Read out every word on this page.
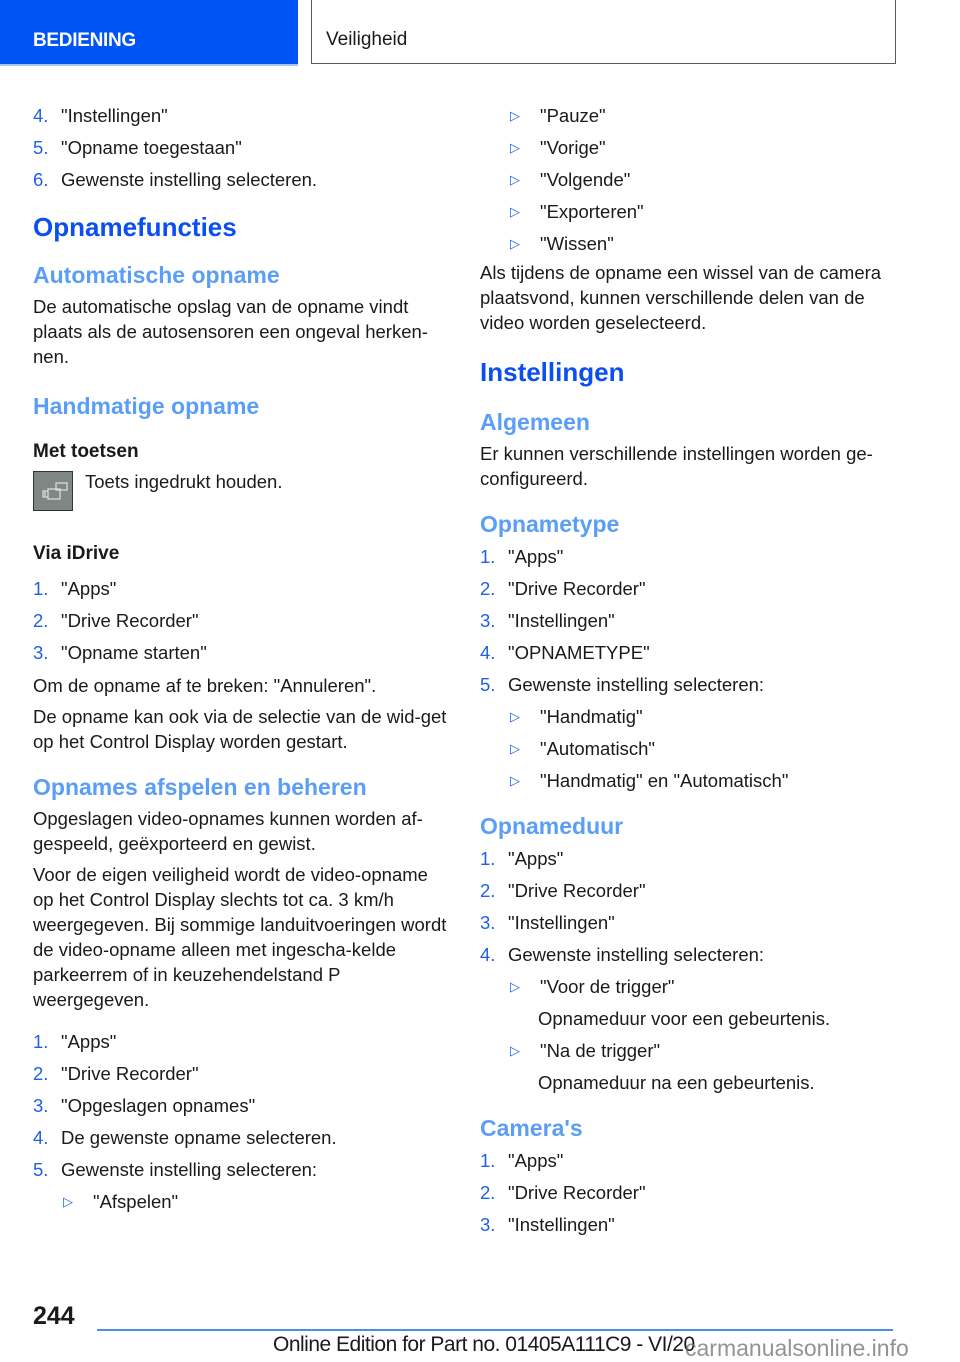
BEDIENING	Veiligheid
4. "Instellingen"
5. "Opname toegestaan"
6. Gewenste instelling selecteren.
Opnamefuncties
Automatische opname
De automatische opslag van de opname vindt plaats als de autosensoren een ongeval herken-nen.
Handmatige opname
Met toetsen
Toets ingedrukt houden.
Via iDrive
1. "Apps"
2. "Drive Recorder"
3. "Opname starten"
Om de opname af te breken: "Annuleren".
De opname kan ook via de selectie van de wid-get op het Control Display worden gestart.
Opnames afspelen en beheren
Opgeslagen video-opnames kunnen worden af-gespeeld, geëxporteerd en gewist.
Voor de eigen veiligheid wordt de video-opname op het Control Display slechts tot ca. 3 km/h weergegeven. Bij sommige landuitvoeringen wordt de video-opname alleen met ingescha-kelde parkeerrem of in keuzehendelstand P weergegeven.
1. "Apps"
2. "Drive Recorder"
3. "Opgeslagen opnames"
4. De gewenste opname selecteren.
5. Gewenste instelling selecteren:
▷	"Afspelen"
▷	"Pauze"
▷	"Vorige"
▷	"Volgende"
▷	"Exporteren"
▷	"Wissen"
Als tijdens de opname een wissel van de camera plaatsvond, kunnen verschillende delen van de video worden geselecteerd.
Instellingen
Algemeen
Er kunnen verschillende instellingen worden ge-configureerd.
Opnametype
1. "Apps"
2. "Drive Recorder"
3. "Instellingen"
4. "OPNAMETYPE"
5. Gewenste instelling selecteren:
▷	"Handmatig"
▷	"Automatisch"
▷	"Handmatig" en "Automatisch"
Opnameduur
1. "Apps"
2. "Drive Recorder"
3. "Instellingen"
4. Gewenste instelling selecteren:
▷	"Voor de trigger"
Opnameduur voor een gebeurtenis.
▷	"Na de trigger"
Opnameduur na een gebeurtenis.
Camera's
1. "Apps"
2. "Drive Recorder"
3. "Instellingen"
244
Online Edition for Part no. 01405A111C9 - VI/20
carmanualsonline.info
